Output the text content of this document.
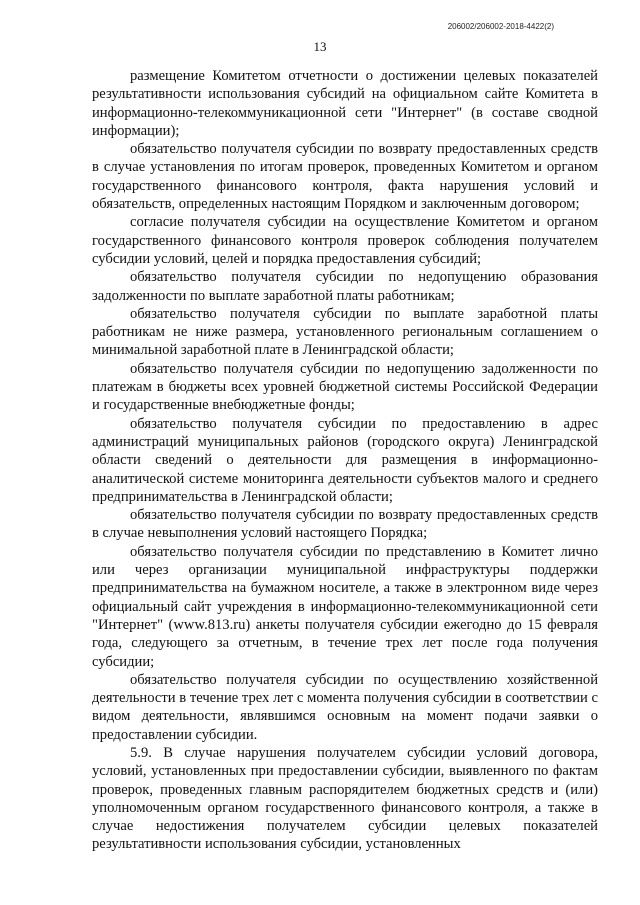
206002/206002-2018-4422(2)
13

размещение Комитетом отчетности о достижении целевых показателей результативности использования субсидий на официальном сайте Комитета в информационно-телекоммуникационной сети "Интернет" (в составе сводной информации);

обязательство получателя субсидии по возврату предоставленных средств в случае установления по итогам проверок, проведенных Комитетом и органом государственного финансового контроля, факта нарушения условий и обязательств, определенных настоящим Порядком и заключенным договором;

согласие получателя субсидии на осуществление Комитетом и органом государственного финансового контроля проверок соблюдения получателем субсидии условий, целей и порядка предоставления субсидий;

обязательство получателя субсидии по недопущению образования задолженности по выплате заработной платы работникам;

обязательство получателя субсидии по выплате заработной платы работникам не ниже размера, установленного региональным соглашением о минимальной заработной плате в Ленинградской области;

обязательство получателя субсидии по недопущению задолженности по платежам в бюджеты всех уровней бюджетной системы Российской Федерации и государственные внебюджетные фонды;

обязательство получателя субсидии по предоставлению в адрес администраций муниципальных районов (городского округа) Ленинградской области сведений о деятельности для размещения в информационно-аналитической системе мониторинга деятельности субъектов малого и среднего предпринимательства в Ленинградской области;

обязательство получателя субсидии по возврату предоставленных средств в случае невыполнения условий настоящего Порядка;

обязательство получателя субсидии по представлению в Комитет лично или через организации муниципальной инфраструктуры поддержки предпринимательства на бумажном носителе, а также в электронном виде через официальный сайт учреждения в информационно-телекоммуникационной сети "Интернет" (www.813.ru) анкеты получателя субсидии ежегодно до 15 февраля года, следующего за отчетным, в течение трех лет после года получения субсидии;

обязательство получателя субсидии по осуществлению хозяйственной деятельности в течение трех лет с момента получения субсидии в соответствии с видом деятельности, являвшимся основным на момент подачи заявки о предоставлении субсидии.

5.9. В случае нарушения получателем субсидии условий договора, условий, установленных при предоставлении субсидии, выявленного по фактам проверок, проведенных главным распорядителем бюджетных средств и (или) уполномоченным органом государственного финансового контроля, а также в случае недостижения получателем субсидии целевых показателей результативности использования субсидии, установленных
